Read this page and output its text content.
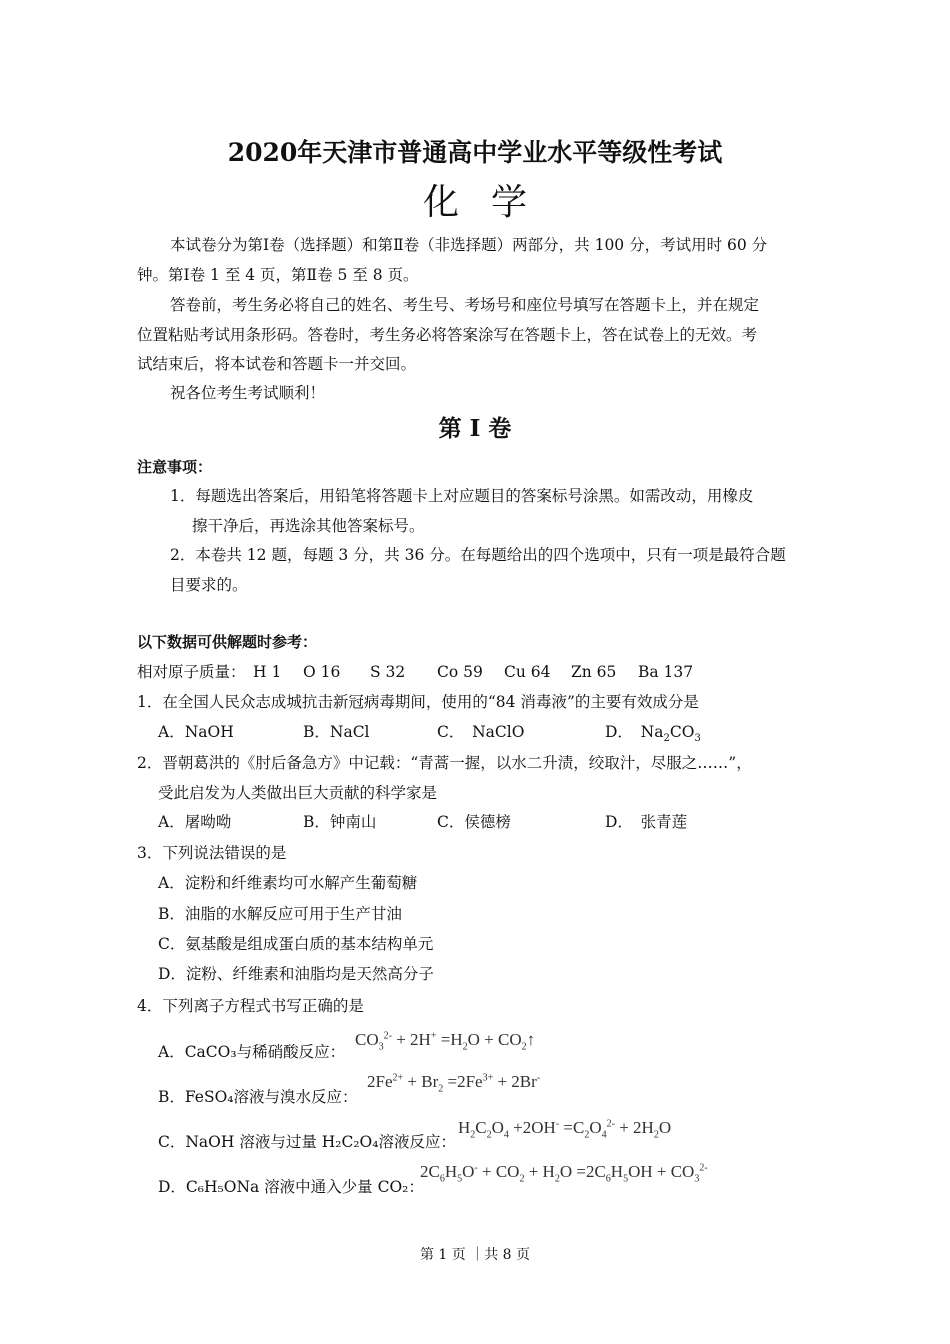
2020年天津市普通高中学业水平等级性考试
化学
本试卷分为第Ⅰ卷（选择题）和第Ⅱ卷（非选择题）两部分，共 100 分，考试用时 60 分
钟。第Ⅰ卷 1 至 4 页，第Ⅱ卷 5 至 8 页。
答卷前，考生务必将自己的姓名、考生号、考场号和座位号填写在答题卡上，并在规定
位置粘贴考试用条形码。答卷时，考生务必将答案涂写在答题卡上，答在试卷上的无效。考
试结束后，将本试卷和答题卡一并交回。
祝各位考生考试顺利！
第 I 卷
注意事项：
1．每题选出答案后，用铅笔将答题卡上对应题目的答案标号涂黑。如需改动，用橡皮
擦干净后，再选涂其他答案标号。
2．本卷共 12 题，每题 3 分，共 36 分。在每题给出的四个选项中，只有一项是最符合题
目要求的。
以下数据可供解题时参考：
相对原子质量： H 1 O 16 S 32 Co 59 Cu 64 Zn 65 Ba 137
1．在全国人民众志成城抗击新冠病毒期间，使用的“84 消毒液”的主要有效成分是
A．NaOH	B．NaCl	C．　NaClO	D．　$Na_2CO_3$
2．晋朝葛洪的《肘后备急方》中记载：“青蒿一握，以水二升渍，绞取汁，尽服之……”，
受此启发为人类做出巨大贡献的科学家是
A．屠呦呦	B．钟南山	C．侯德榜	D．　张青莲
3．下列说法错误的是
A．淀粉和纤维素均可水解产生葡萄糖
B．油脂的水解反应可用于生产甘油
C．氨基酸是组成蛋白质的基本结构单元
D．淀粉、纤维素和油脂均是天然高分子
4．下列离子方程式书写正确的是
A．CaCO₃与稀硝酸反应：
$CO_3^{2-} + 2H^+ =H_2O$ + $CO_2↑$
B．FeSO₄溶液与溴水反应：
$2Fe^{2+} + Br_2 =2Fe^{3+} + 2Br^-$
C．NaOH 溶液与过量 H₂C₂O₄溶液反应：
$H_2C_2O_4 +2OH^- =C_2O_4^{2-} + 2H_2O$
D．C₆H₅ONa 溶液中通入少量 CO₂：
$2C_6H_5O^- + CO_2 + H_2O =2C_6H_5OH + CO_3^{2-}$
第 1 页 ｜共 8 页
